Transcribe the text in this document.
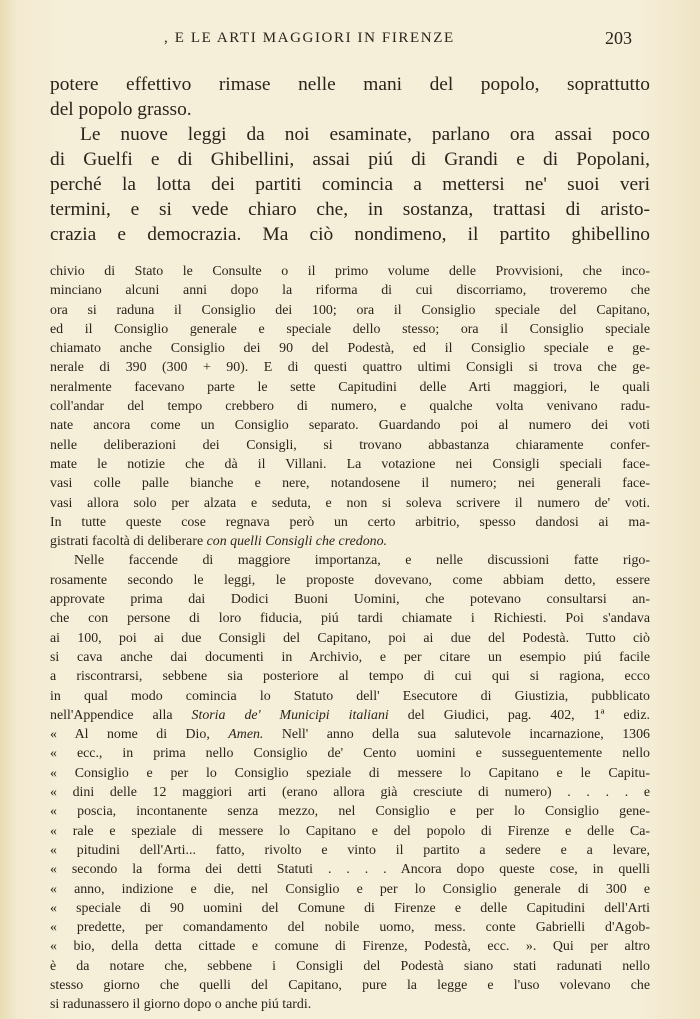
, E LE ARTI MAGGIORI IN FIRENZE	203

potere effettivo rimase nelle mani del popolo, soprattutto
del popolo grasso.

Le nuove leggi da noi esaminate, parlano ora assai poco
di Guelfi e di Ghibellini, assai piú di Grandi e di Popolani,
perché la lotta dei partiti comincia a mettersi ne' suoi veri
termini, e si vede chiaro che, in sostanza, trattasi di aristo-
crazia e democrazia. Ma ciò nondimeno, il partito ghibellino

chivio di Stato le Consulte o il primo volume delle Provvisioni, che inco-
minciano alcuni anni dopo la riforma di cui discorriamo, troveremo che
ora si raduna il Consiglio dei 100; ora il Consiglio speciale del Capitano,
ed il Consiglio generale e speciale dello stesso; ora il Consiglio speciale
chiamato anche Consiglio dei 90 del Podestà, ed il Consiglio speciale e ge-
nerale di 390 (300 + 90). E di questi quattro ultimi Consigli si trova che ge-
neralmente facevano parte le sette Capitudini delle Arti maggiori, le quali
coll'andar del tempo crebbero di numero, e qualche volta venivano radu-
nate ancora come un Consiglio separato. Guardando poi al numero dei voti
nelle deliberazioni dei Consigli, si trovano abbastanza chiaramente confer-
mate le notizie che dà il Villani. La votazione nei Consigli speciali face-
vasi colle palle bianche e nere, notandosene il numero; nei generali face-
vasi allora solo per alzata e seduta, e non si soleva scrivere il numero de' voti.
In tutte queste cose regnava però un certo arbitrio, spesso dandosi ai ma-
gistrati facoltà di deliberare con quelli Consigli che credono.

Nelle faccende di maggiore importanza, e nelle discussioni fatte rigo-
rosamente secondo le leggi, le proposte dovevano, come abbiam detto, essere
approvate prima dai Dodici Buoni Uomini, che potevano consultarsi an-
che con persone di loro fiducia, piú tardi chiamate i Richiesti. Poi s'andava
ai 100, poi ai due Consigli del Capitano, poi ai due del Podestà. Tutto ciò
si cava anche dai documenti in Archivio, e per citare un esempio piú facile
a riscontrarsi, sebbene sia posteriore al tempo di cui qui si ragiona, ecco
in qual modo comincia lo Statuto dell' Esecutore di Giustizia, pubblicato
nell'Appendice alla Storia de' Municipi italiani del Giudici, pag. 402, 1ª ediz.
« Al nome di Dio, Amen. Nell' anno della sua salutevole incarnazione, 1306
« ecc., in prima nello Consiglio de' Cento uomini e susseguentemente nello
« Consiglio e per lo Consiglio speziale di messere lo Capitano e le Capitu-
« dini delle 12 maggiori arti (erano allora già cresciute di numero) . . . . e
« poscia, incontanente senza mezzo, nel Consiglio e per lo Consiglio gene-
« rale e speziale di messere lo Capitano e del popolo di Firenze e delle Ca-
« pitudini dell'Arti... fatto, rivolto e vinto il partito a sedere e a levare,
« secondo la forma dei detti Statuti . . . . Ancora dopo queste cose, in quelli
« anno, indizione e die, nel Consiglio e per lo Consiglio generale di 300 e
« speciale di 90 uomini del Comune di Firenze e delle Capitudini dell'Arti
« predette, per comandamento del nobile uomo, mess. conte Gabrielli d'Agob-
« bio, della detta cittade e comune di Firenze, Podestà, ecc. ». Qui per altro
è da notare che, sebbene i Consigli del Podestà siano stati radunati nello
stesso giorno che quelli del Capitano, pure la legge e l'uso volevano che
si radunassero il giorno dopo o anche piú tardi.
